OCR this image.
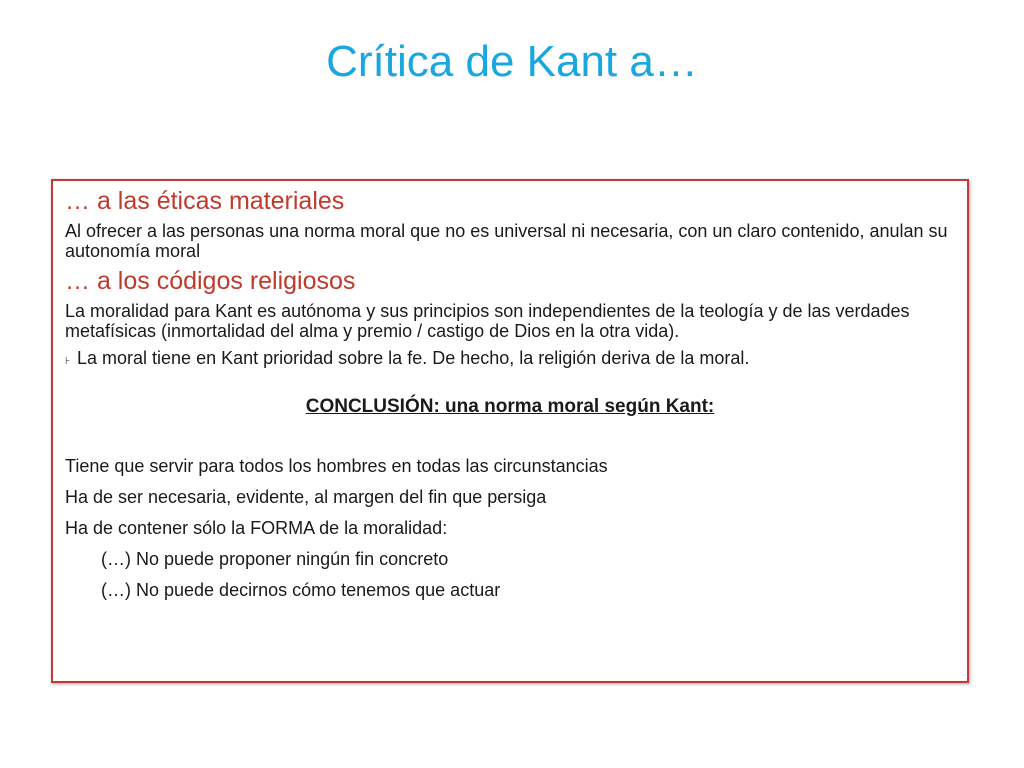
Crítica de Kant a…
… a las éticas materiales
Al ofrecer a las personas una norma moral que no es universal ni necesaria, con un claro contenido, anulan su autonomía moral
… a los códigos religiosos
La moralidad para Kant es autónoma y sus principios son independientes de la teología y de las verdades metafísicas (inmortalidad del alma y premio / castigo de Dios en la otra vida).
⊦ La moral tiene en Kant prioridad sobre la fe. De hecho, la religión deriva de la moral.
CONCLUSIÓN: una norma moral según Kant:
Tiene que servir para todos los hombres en todas las circunstancias
Ha de ser necesaria, evidente, al margen del fin que persiga
Ha de contener sólo la FORMA de la moralidad:
(…) No puede proponer ningún fin concreto
(…) No puede decirnos cómo tenemos que actuar
